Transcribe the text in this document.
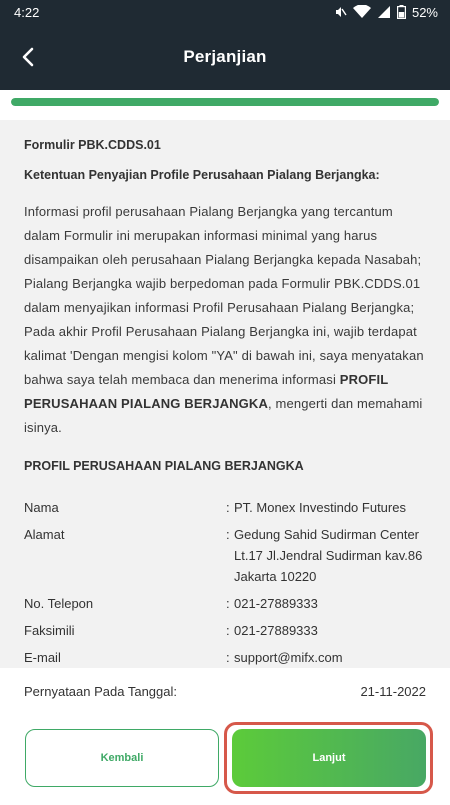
4:22	52%
Perjanjian
Formulir PBK.CDDS.01
Ketentuan Penyajian Profile Perusahaan Pialang Berjangka:

Informasi profil perusahaan Pialang Berjangka yang tercantum dalam Formulir ini merupakan informasi minimal yang harus disampaikan oleh perusahaan Pialang Berjangka kepada Nasabah;

Pialang Berjangka wajib berpedoman pada Formulir PBK.CDDS.01 dalam menyajikan informasi Profil Perusahaan Pialang Berjangka;

Pada akhir Profil Perusahaan Pialang Berjangka ini, wajib terdapat kalimat 'Dengan mengisi kolom "YA" di bawah ini, saya menyatakan bahwa saya telah membaca dan menerima informasi PROFIL PERUSAHAAN PIALANG BERJANGKA, mengerti dan memahami isinya.

PROFIL PERUSAHAAN PIALANG BERJANGKA
Nama	: PT. Monex Investindo Futures
Alamat	: Gedung Sahid Sudirman Center Lt.17 Jl.Jendral Sudirman kav.86 Jakarta 10220
No. Telepon	: 021-27889333
Faksimili	: 021-27889333
E-mail	: support@mifx.com
Pernyataan Pada Tanggal:	21-11-2022
Kembali	Lanjut
